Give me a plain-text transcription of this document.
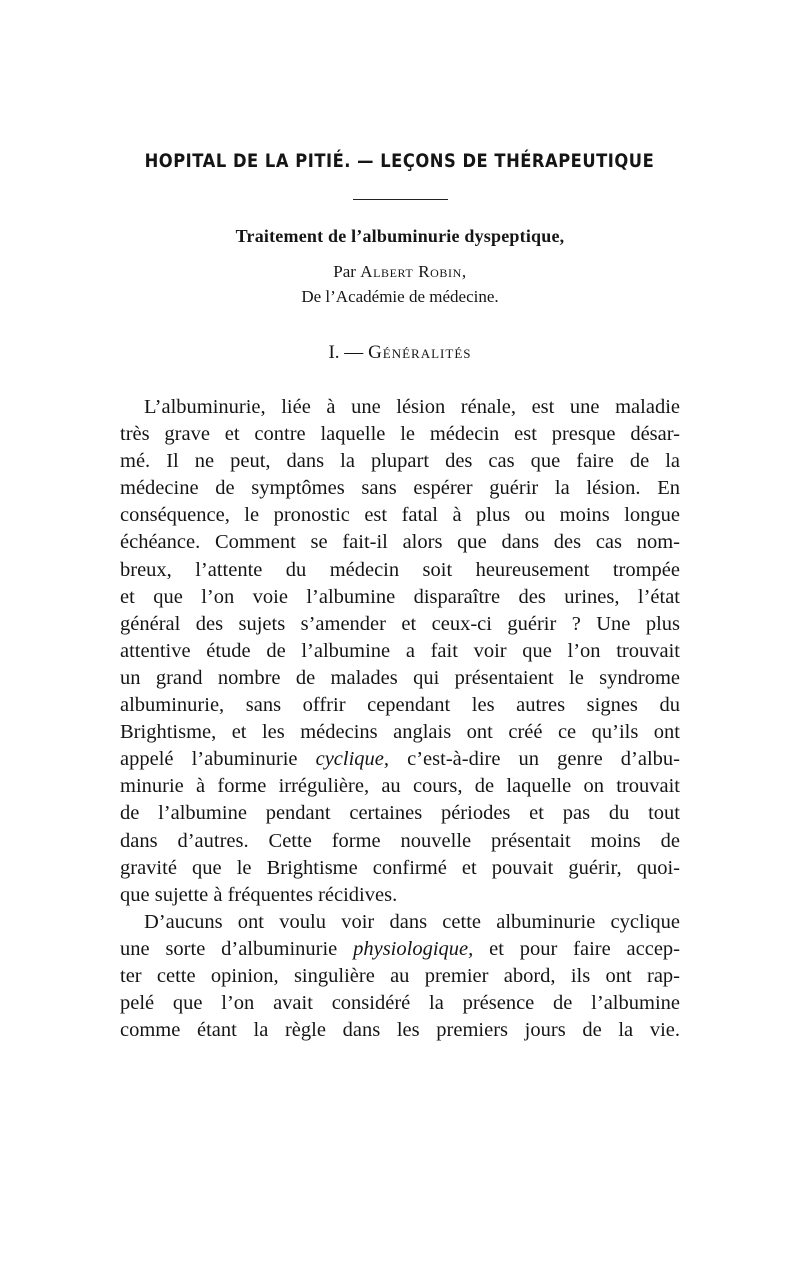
HOPITAL DE LA PITIÉ. — LEÇONS DE THÉRAPEUTIQUE
Traitement de l’albuminurie dyspeptique,
Par Albert Robin,
De l’Académie de médecine.
I. — Généralités
L’albuminurie, liée à une lésion rénale, est une maladie
très grave et contre laquelle le médecin est presque désar-
mé. Il ne peut, dans la plupart des cas que faire de la
médecine de symptômes sans espérer guérir la lésion. En
conséquence, le pronostic est fatal à plus ou moins longue
échéance. Comment se fait-il alors que dans des cas nom-
breux, l’attente du médecin soit heureusement trompée
et que l’on voie l’albumine disparaître des urines, l’état
général des sujets s’amender et ceux-ci guérir ? Une plus
attentive étude de l’albumine a fait voir que l’on trouvait
un grand nombre de malades qui présentaient le syndrome
albuminurie, sans offrir cependant les autres signes du
Brightisme, et les médecins anglais ont créé ce qu’ils ont
appelé l’abuminurie cyclique, c’est-à-dire un genre d’albu-
minurie à forme irrégulière, au cours, de laquelle on trouvait
de l’albumine pendant certaines périodes et pas du tout
dans d’autres. Cette forme nouvelle présentait moins de
gravité que le Brightisme confirmé et pouvait guérir, quoi-
que sujette à fréquentes récidives.
D’aucuns ont voulu voir dans cette albuminurie cyclique
une sorte d’albuminurie physiologique, et pour faire accep-
ter cette opinion, singulière au premier abord, ils ont rap-
pelé que l’on avait considéré la présence de l’albumine
comme étant la règle dans les premiers jours de la vie.
